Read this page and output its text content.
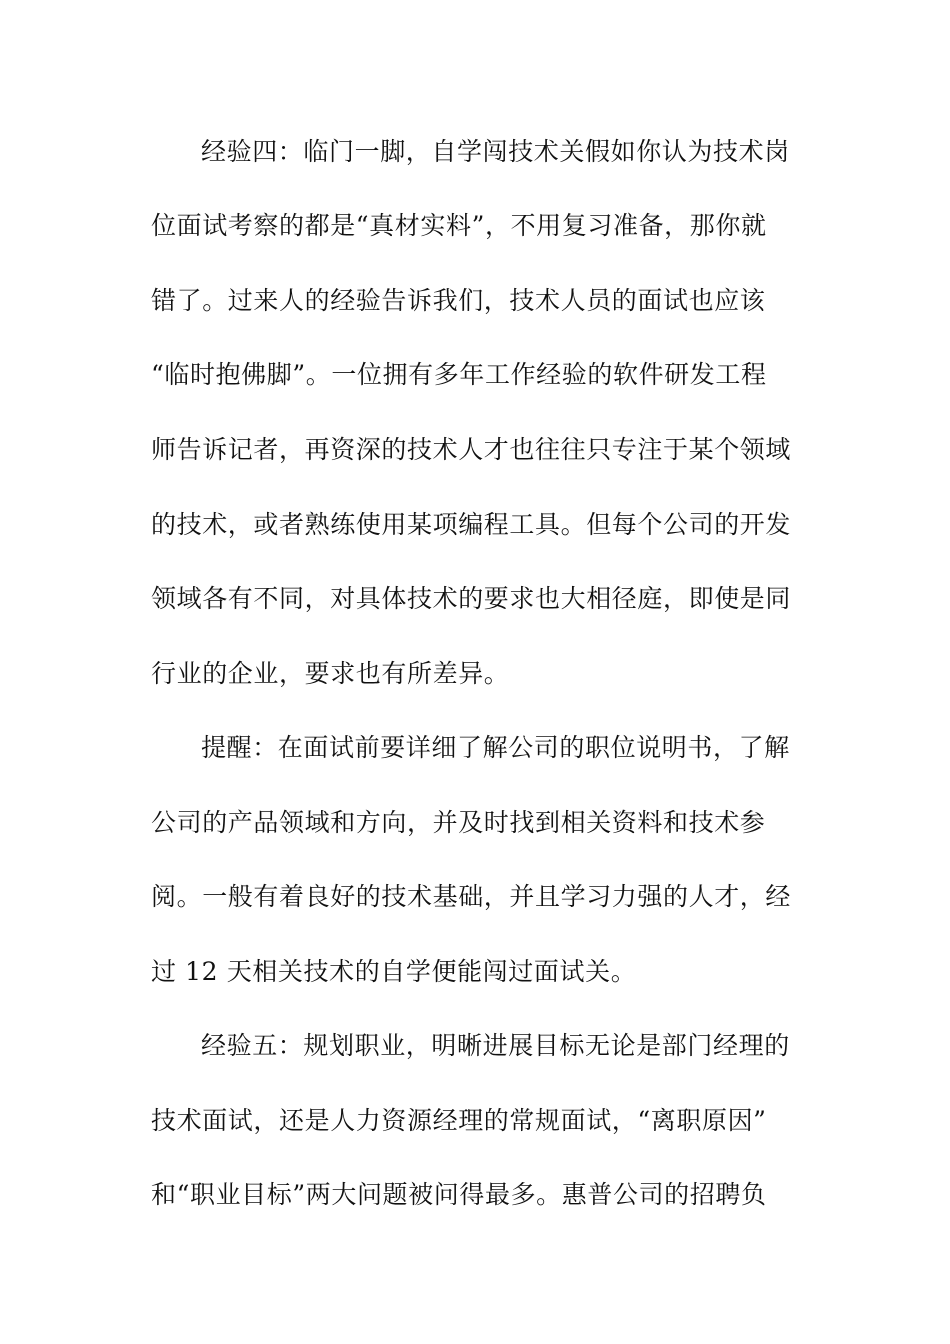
经验四：临门一脚，自学闯技术关假如你认为技术岗
位面试考察的都是“真材实料”，不用复习准备，那你就
错了。过来人的经验告诉我们，技术人员的面试也应该
“临时抱佛脚”。一位拥有多年工作经验的软件研发工程
师告诉记者，再资深的技术人才也往往只专注于某个领域
的技术，或者熟练使用某项编程工具。但每个公司的开发
领域各有不同，对具体技术的要求也大相径庭，即使是同
行业的企业，要求也有所差异。
提醒：在面试前要详细了解公司的职位说明书，了解
公司的产品领域和方向，并及时找到相关资料和技术参
阅。一般有着良好的技术基础，并且学习力强的人才，经
过 12 天相关技术的自学便能闯过面试关。
经验五：规划职业，明晰进展目标无论是部门经理的
技术面试，还是人力资源经理的常规面试，“离职原因”
和“职业目标”两大问题被问得最多。惠普公司的招聘负
